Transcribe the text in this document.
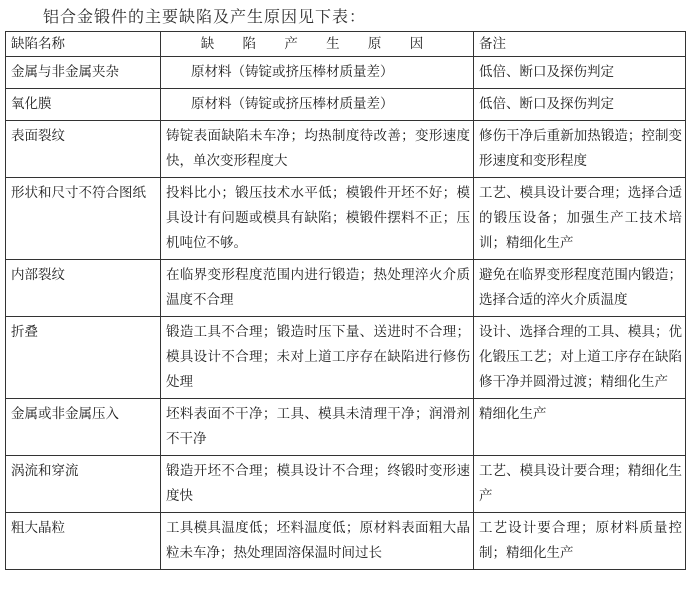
铝合金锻件的主要缺陷及产生原因见下表：
缺陷名称	缺 陷 产 生 原 因	备注
金属与非金属夹杂	原材料（铸锭或挤压棒材质量差）	低倍、断口及探伤判定
氧化膜	原材料（铸锭或挤压棒材质量差）	低倍、断口及探伤判定
表面裂纹	铸锭表面缺陷未车净；均热制度待改善；变形速度快，单次变形程度大	修伤干净后重新加热锻造；控制变形速度和变形程度
形状和尺寸不符合图纸	投料比小；锻压技术水平低；模锻件开坯不好；模具设计有问题或模具有缺陷；模锻件摆料不正；压机吨位不够。	工艺、模具设计要合理；选择合适的锻压设备；加强生产工技术培训；精细化生产
内部裂纹	在临界变形程度范围内进行锻造；热处理淬火介质温度不合理	避免在临界变形程度范围内锻造；选择合适的淬火介质温度
折叠	锻造工具不合理；锻造时压下量、送进时不合理；模具设计不合理；未对上道工序存在缺陷进行修伤处理	设计、选择合理的工具、模具；优化锻压工艺；对上道工序存在缺陷修干净并圆滑过渡；精细化生产
金属或非金属压入	坯料表面不干净；工具、模具未清理干净；润滑剂不干净	精细化生产
涡流和穿流	锻造开坯不合理；模具设计不合理；终锻时变形速度快	工艺、模具设计要合理；精细化生产
粗大晶粒	工具模具温度低；坯料温度低；原材料表面粗大晶粒未车净；热处理固溶保温时间过长	工艺设计要合理；原材料质量控制；精细化生产
